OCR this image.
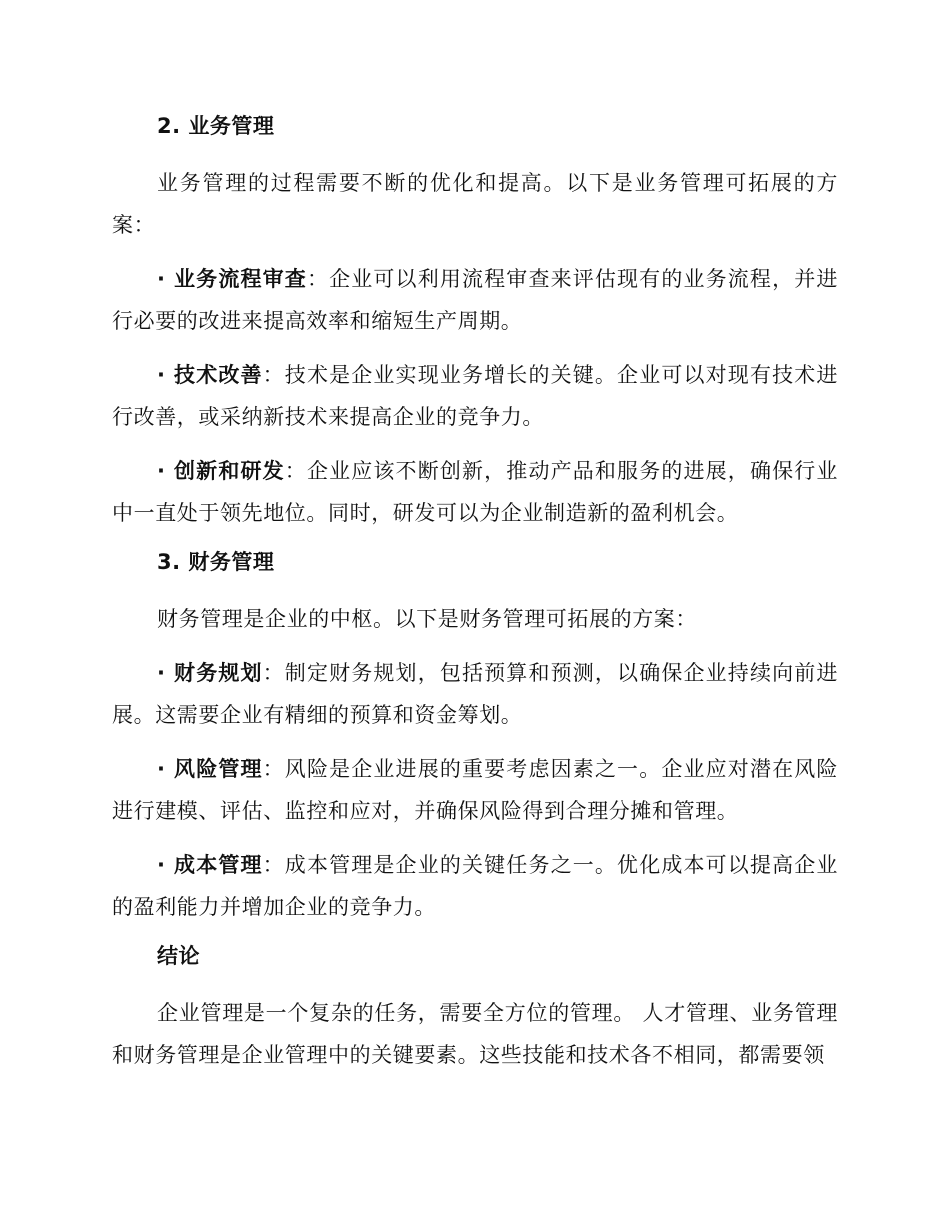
2. 业务管理

业务管理的过程需要不断的优化和提高。以下是业务管理可拓展的方案：

· 业务流程审查：企业可以利用流程审查来评估现有的业务流程，并进行必要的改进来提高效率和缩短生产周期。

· 技术改善：技术是企业实现业务增长的关键。企业可以对现有技术进行改善，或采纳新技术来提高企业的竞争力。

· 创新和研发：企业应该不断创新，推动产品和服务的进展，确保行业中一直处于领先地位。同时，研发可以为企业制造新的盈利机会。

3. 财务管理

财务管理是企业的中枢。以下是财务管理可拓展的方案：

· 财务规划：制定财务规划，包括预算和预测，以确保企业持续向前进展。这需要企业有精细的预算和资金筹划。

· 风险管理：风险是企业进展的重要考虑因素之一。企业应对潜在风险进行建模、评估、监控和应对，并确保风险得到合理分摊和管理。

· 成本管理：成本管理是企业的关键任务之一。优化成本可以提高企业的盈利能力并增加企业的竞争力。

结论

企业管理是一个复杂的任务，需要全方位的管理。 人才管理、业务管理和财务管理是企业管理中的关键要素。这些技能和技术各不相同，都需要领
